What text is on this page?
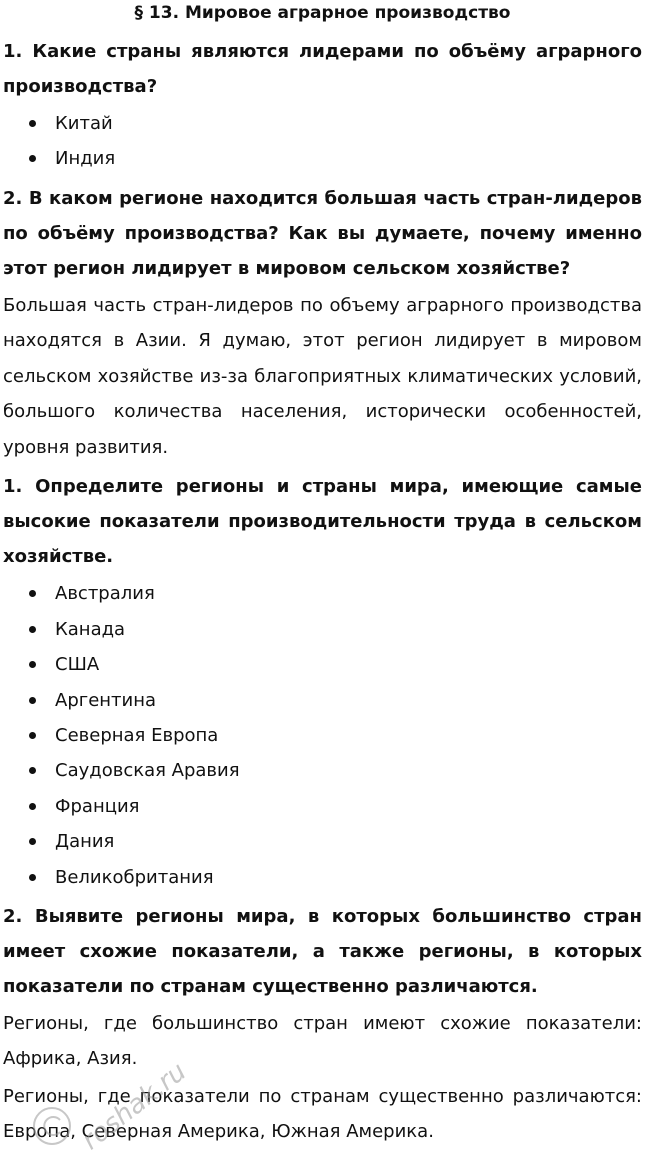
§ 13. Мировое аграрное производство

1. Какие страны являются лидерами по объёму аграрного производства?

Китай
Индия

2. В каком регионе находится большая часть стран-лидеров по объёму производства? Как вы думаете, почему именно этот регион лидирует в мировом сельском хозяйстве?

Большая часть стран-лидеров по объему аграрного производства находятся в Азии. Я думаю, этот регион лидирует в мировом сельском хозяйстве из-за благоприятных климатических условий, большого количества населения, исторически особенностей, уровня развития.

1. Определите регионы и страны мира, имеющие самые высокие показатели производительности труда в сельском хозяйстве.

Австралия
Канада
США
Аргентина
Северная Европа
Саудовская Аравия
Франция
Дания
Великобритания

2. Выявите регионы мира, в которых большинство стран имеет схожие показатели, а также регионы, в которых показатели по странам существенно различаются.

Регионы, где большинство стран имеют схожие показатели: Африка, Азия.

Регионы, где показатели по странам существенно различаются: Европа, Северная Америка, Южная Америка.

roshak.ru
